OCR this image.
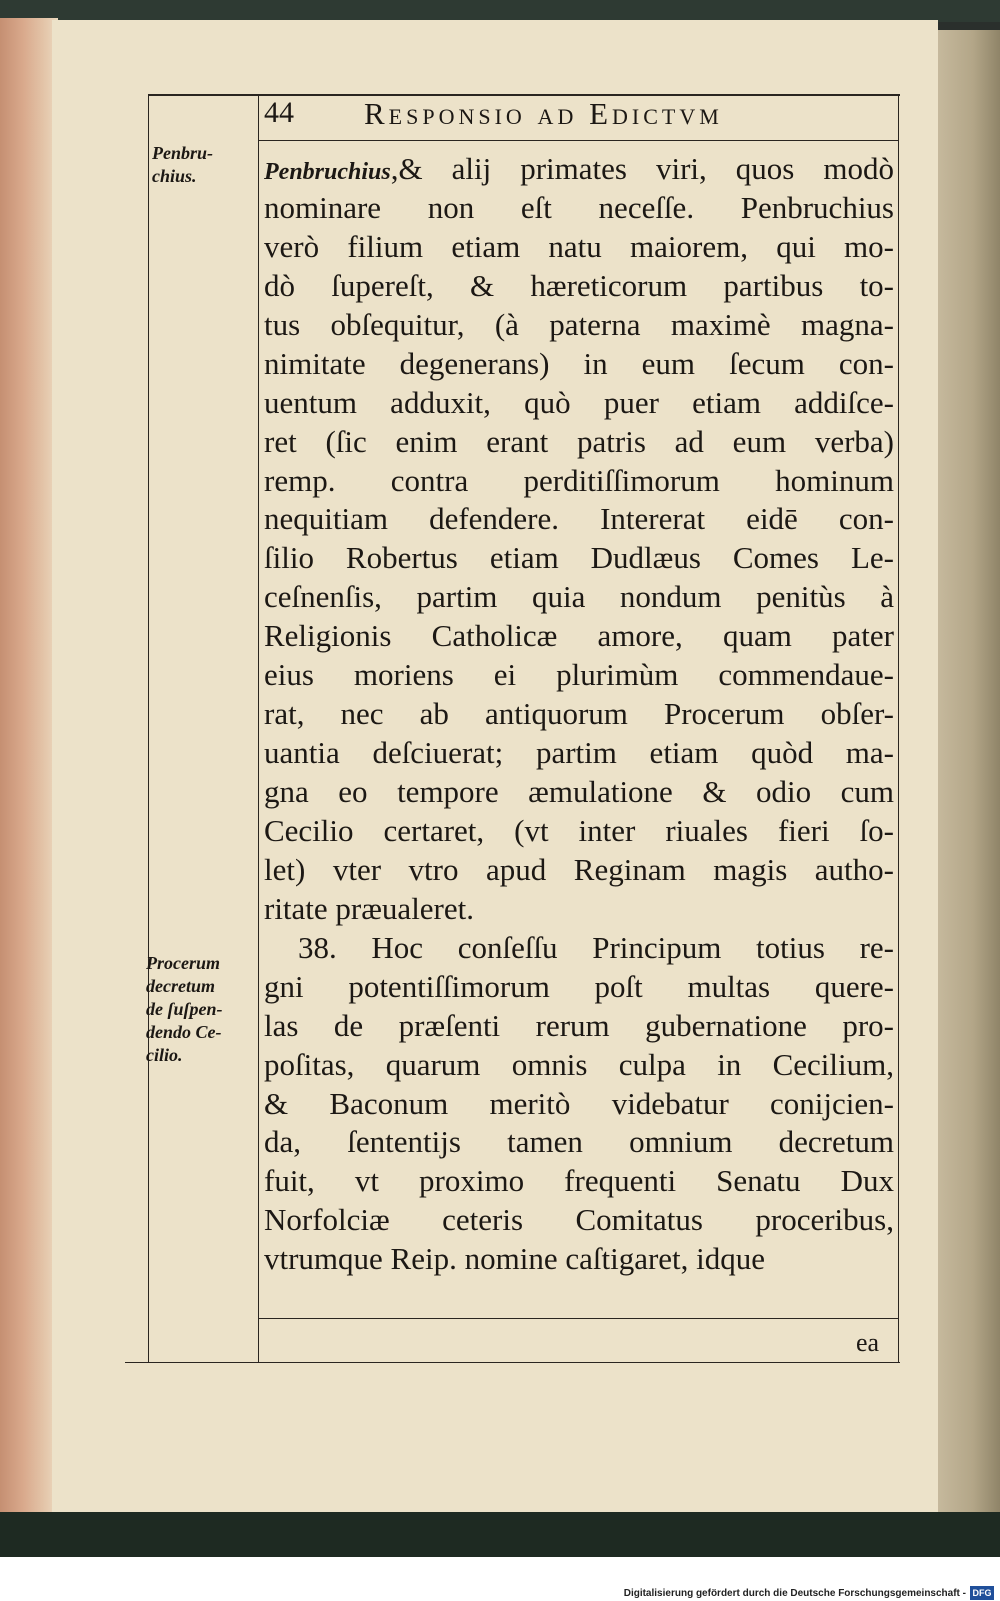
44 Responsio ad Edictvm
Penbru-
chius.
Procerum
decretum
de ſuſpen-
dendo Ce-
cilio.
Penbruchius,& alij primates viri, quos modò
nominare non eſt neceſſe. Penbruchius
verò filium etiam natu maiorem, qui mo-
dò ſupereſt, & hæreticorum partibus to-
tus obſequitur, (à paterna maximè magna-
nimitate degenerans) in eum ſecum con-
uentum adduxit, quò puer etiam addiſce-
ret (ſic enim erant patris ad eum verba)
remp. contra perditiſſimorum hominum
nequitiam defendere. Intererat eidē con-
ſilio Robertus etiam Dudlæus Comes Le-
ceſnenſis, partim quia nondum penitùs à
Religionis Catholicæ amore, quam pater
eius moriens ei plurimùm commendaue-
rat, nec ab antiquorum Procerum obſer-
uantia deſciuerat; partim etiam quòd ma-
gna eo tempore æmulatione & odio cum
Cecilio certaret, (vt inter riuales fieri ſo-
let) vter vtro apud Reginam magis autho-
ritate præualeret.
38. Hoc conſeſſu Principum totius re-
gni potentiſſimorum poſt multas quere-
las de præſenti rerum gubernatione pro-
poſitas, quarum omnis culpa in Cecilium,
& Baconum meritò videbatur conijcien-
da, ſententijs tamen omnium decretum
fuit, vt proximo frequenti Senatu Dux
Norfolciæ ceteris Comitatus proceribus,
vtrumque Reip. nomine caſtigaret, idque
ea
Digitalisierung gefördert durch die Deutsche Forschungsgemeinschaft - DFG
